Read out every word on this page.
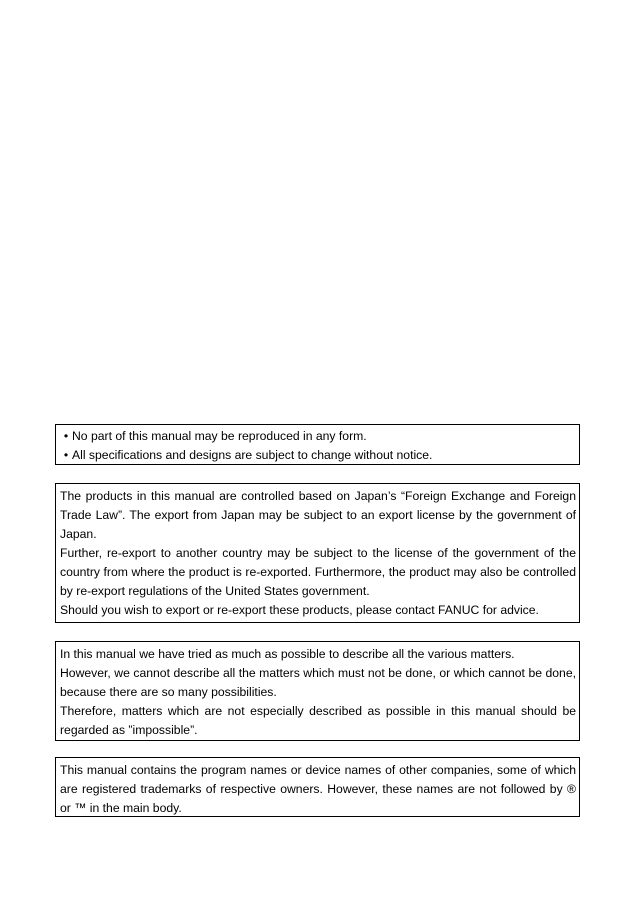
• No part of this manual may be reproduced in any form.
• All specifications and designs are subject to change without notice.

The products in this manual are controlled based on Japan’s “Foreign Exchange and Foreign Trade Law”. The export from Japan may be subject to an export license by the government of Japan.

Further, re-export to another country may be subject to the license of the government of the country from where the product is re-exported. Furthermore, the product may also be controlled by re-export regulations of the United States government.

Should you wish to export or re-export these products, please contact FANUC for advice.

In this manual we have tried as much as possible to describe all the various matters.

However, we cannot describe all the matters which must not be done, or which cannot be done, because there are so many possibilities.

Therefore, matters which are not especially described as possible in this manual should be regarded as ”impossible”.

This manual contains the program names or device names of other companies, some of which are registered trademarks of respective owners. However, these names are not followed by ® or ™ in the main body.
